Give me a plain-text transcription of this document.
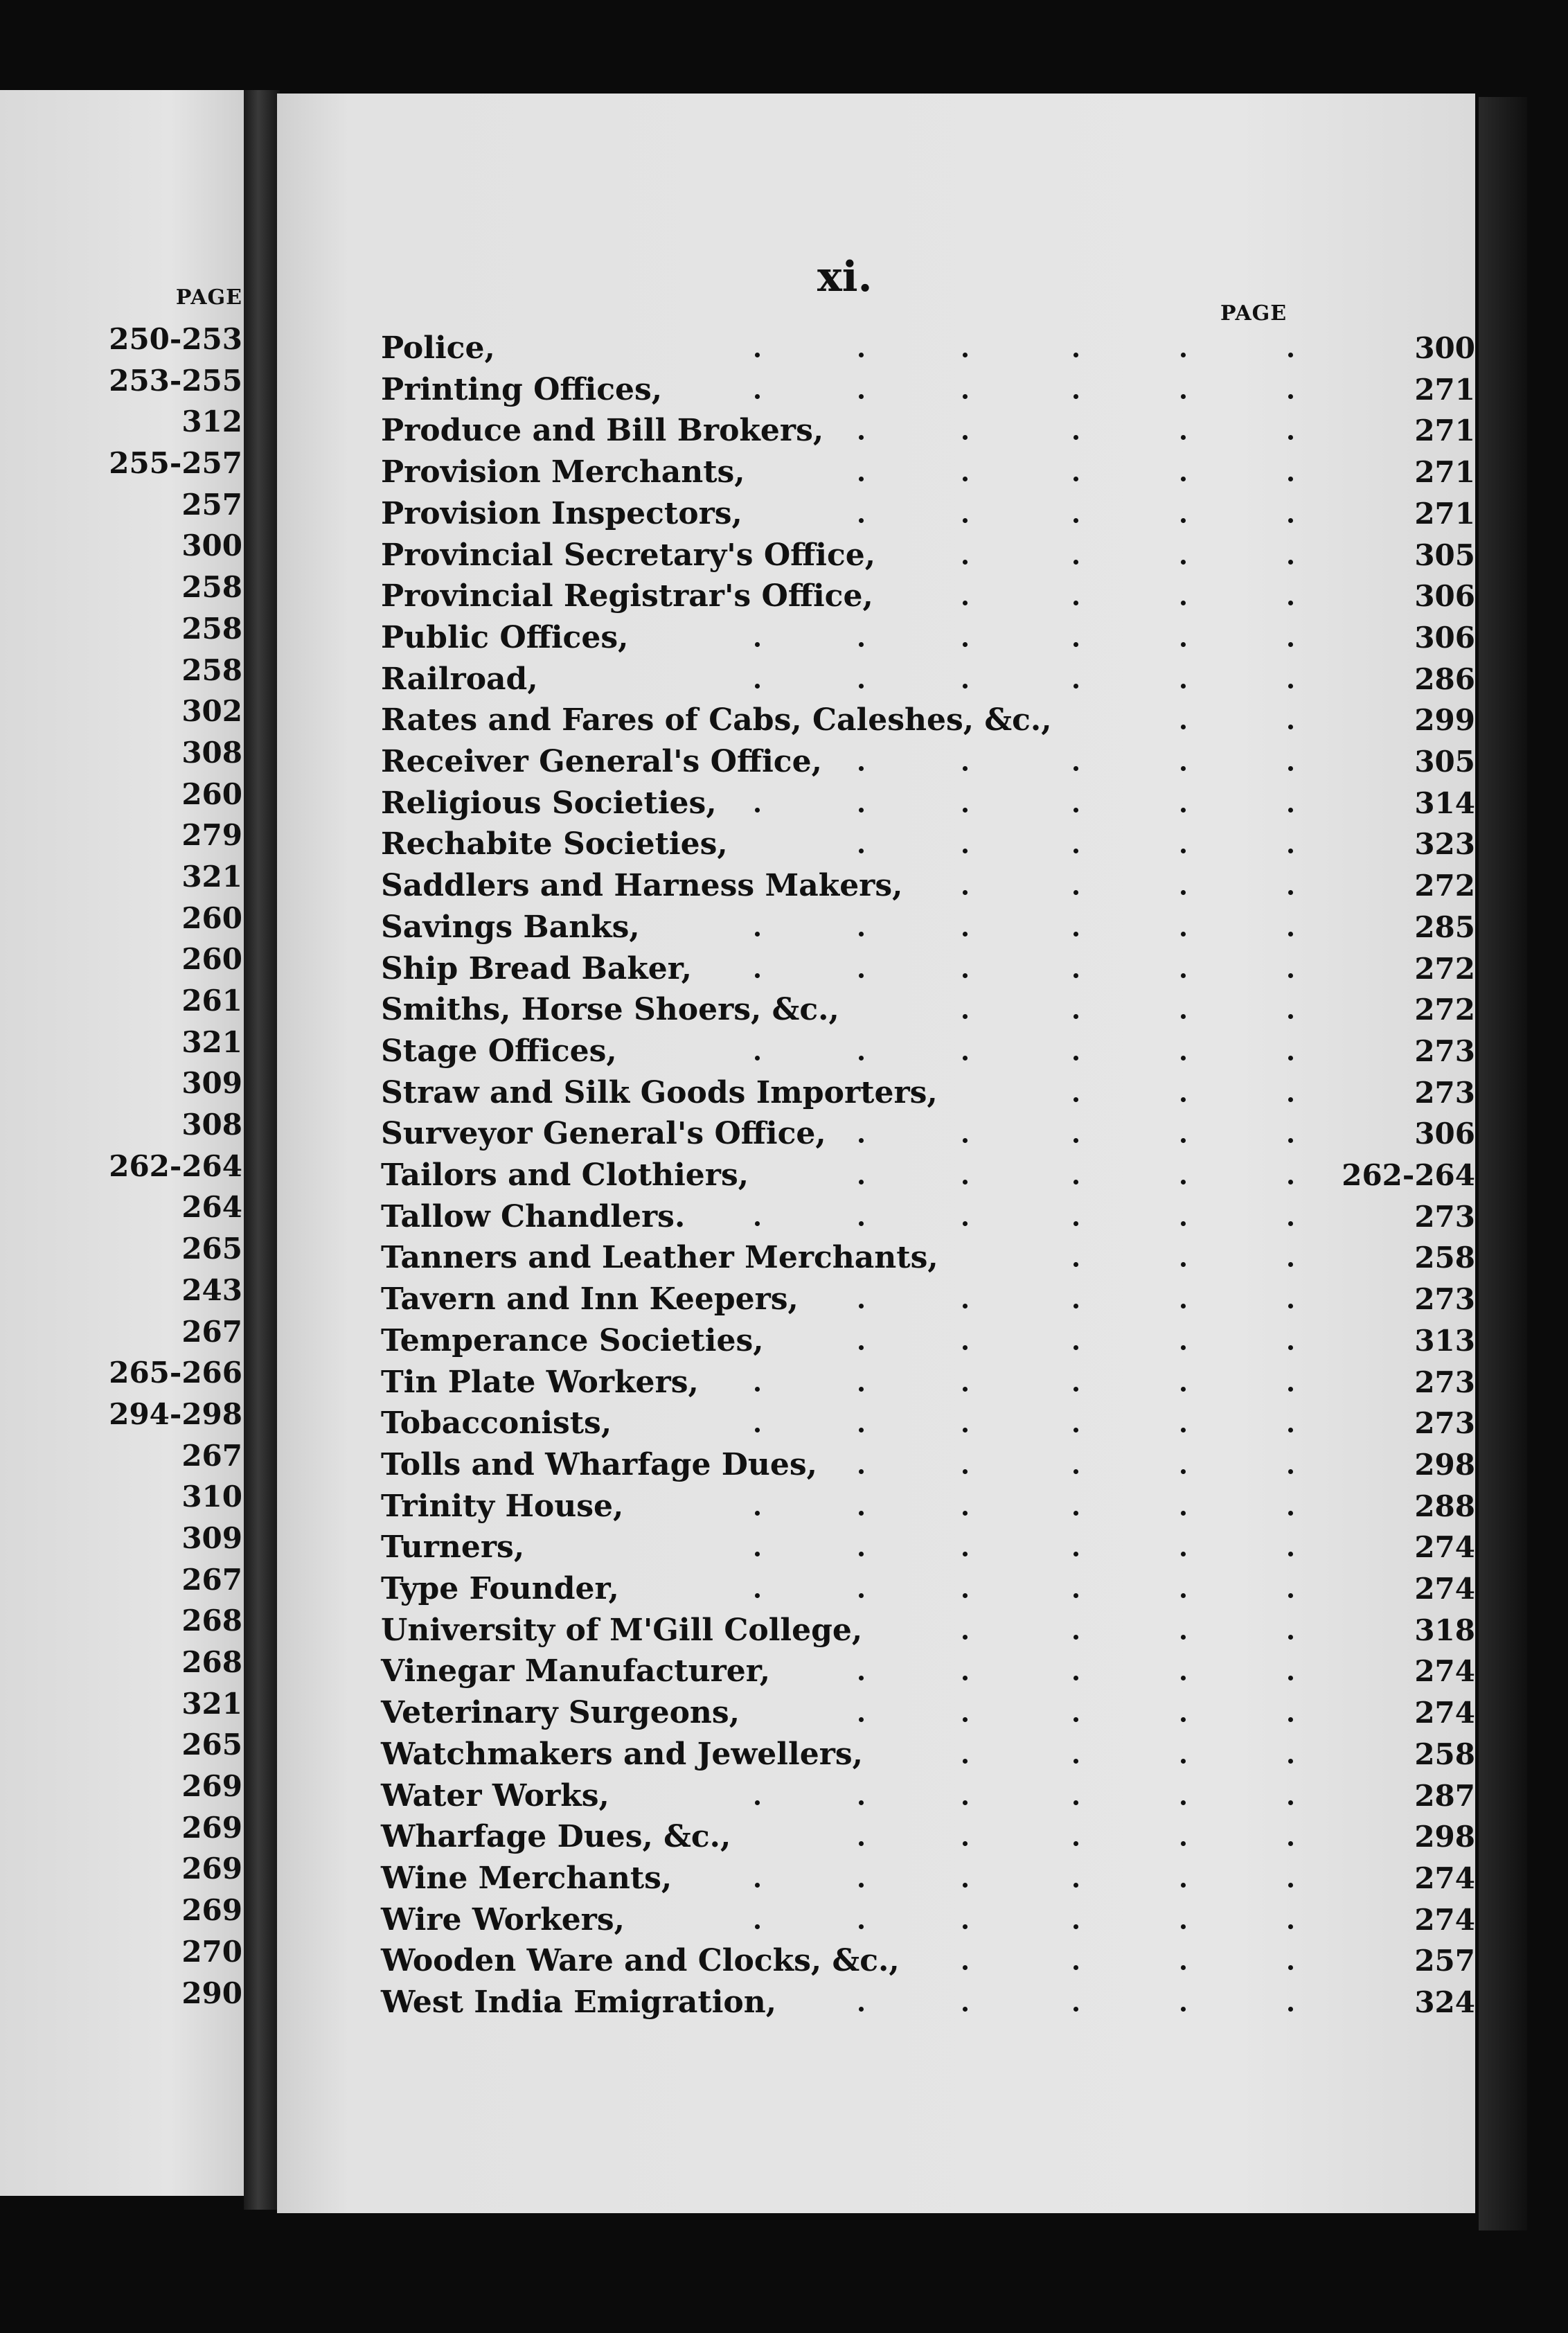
PAGE
250-253
253-255
312
255-257
257
300
258
258
258
302
308
260
279
321
260
260
261
321
309
308
262-264
264
265
243
267
265-266
294-298
267
310
309
267
268
268
321
265
269
269
269
269
270
290
xi.
PAGE
Police,	300
Printing Offices,	271
Produce and Bill Brokers,	271
Provision Merchants,	271
Provision Inspectors,	271
Provincial Secretary's Office,	305
Provincial Registrar's Office,	306
Public Offices,	306
Railroad,	286
Rates and Fares of Cabs, Caleshes, &c.,	299
Receiver General's Office,	305
Religious Societies,	314
Rechabite Societies,	323
Saddlers and Harness Makers,	272
Savings Banks,	285
Ship Bread Baker,	272
Smiths, Horse Shoers, &c.,	272
Stage Offices,	273
Straw and Silk Goods Importers,	273
Surveyor General's Office,	306
Tailors and Clothiers,	262-264
Tallow Chandlers.	273
Tanners and Leather Merchants,	258
Tavern and Inn Keepers,	273
Temperance Societies,	313
Tin Plate Workers,	273
Tobacconists,	273
Tolls and Wharfage Dues,	298
Trinity House,	288
Turners,	274
Type Founder,	274
University of M'Gill College,	318
Vinegar Manufacturer,	274
Veterinary Surgeons,	274
Watchmakers and Jewellers,	258
Water Works,	287
Wharfage Dues, &c.,	298
Wine Merchants,	274
Wire Workers,	274
Wooden Ware and Clocks, &c.,	257
West India Emigration,	324
